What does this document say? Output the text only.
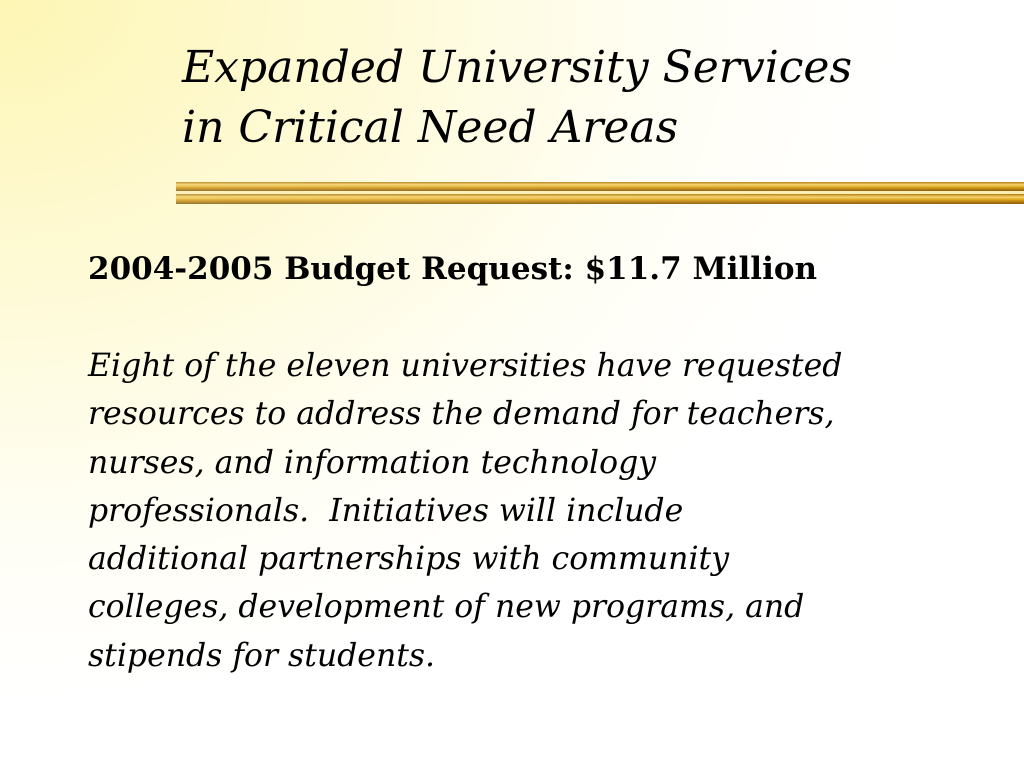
Expanded University Services
in Critical Need Areas
2004-2005 Budget Request: $11.7 Million
Eight of the eleven universities have requested
resources to address the demand for teachers,
nurses, and information technology
professionals.  Initiatives will include
additional partnerships with community
colleges, development of new programs, and
stipends for students.
